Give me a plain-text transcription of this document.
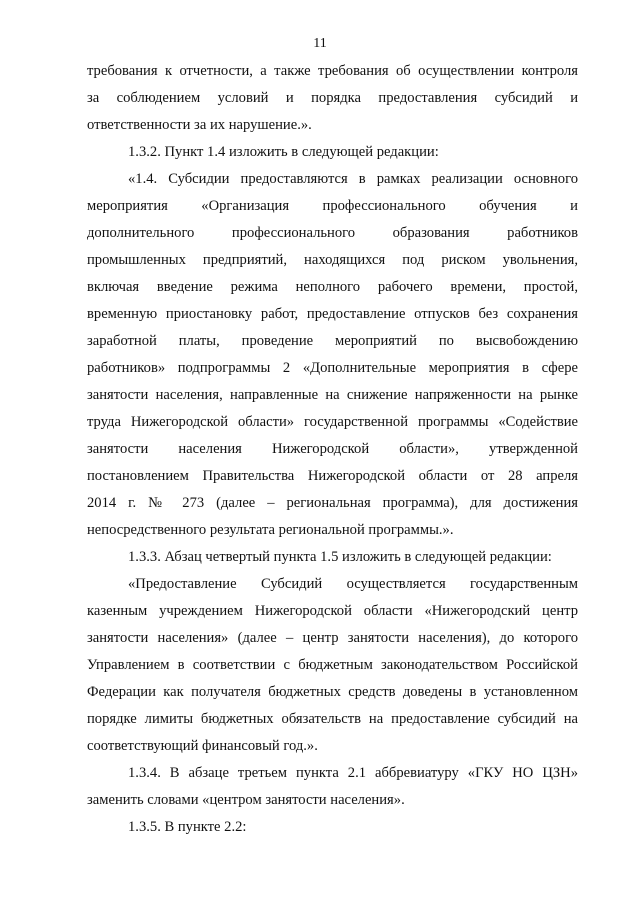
11
требования к отчетности, а также требования об осуществлении контроля
за соблюдением условий и порядка предоставления субсидий и
ответственности за их нарушение.».
1.3.2. Пункт 1.4 изложить в следующей редакции:
«1.4. Субсидии предоставляются в рамках реализации основного
мероприятия «Организация профессионального обучения и
дополнительного профессионального образования работников
промышленных предприятий, находящихся под риском увольнения,
включая введение режима неполного рабочего времени, простой,
временную приостановку работ, предоставление отпусков без сохранения
заработной платы, проведение мероприятий по высвобождению
работников» подпрограммы 2 «Дополнительные мероприятия в сфере
занятости населения, направленные на снижение напряженности на рынке
труда Нижегородской области» государственной программы «Содействие
занятости населения Нижегородской области», утвержденной
постановлением Правительства Нижегородской области от 28 апреля
2014 г. № 273 (далее – региональная программа), для достижения
непосредственного результата региональной программы.».
1.3.3. Абзац четвертый пункта 1.5 изложить в следующей редакции:
«Предоставление Субсидий осуществляется государственным
казенным учреждением Нижегородской области «Нижегородский центр
занятости населения» (далее – центр занятости населения), до которого
Управлением в соответствии с бюджетным законодательством Российской
Федерации как получателя бюджетных средств доведены в установленном
порядке лимиты бюджетных обязательств на предоставление субсидий на
соответствующий финансовый год.».
1.3.4. В абзаце третьем пункта 2.1 аббревиатуру «ГКУ НО ЦЗН»
заменить словами «центром занятости населения».
1.3.5. В пункте 2.2:
